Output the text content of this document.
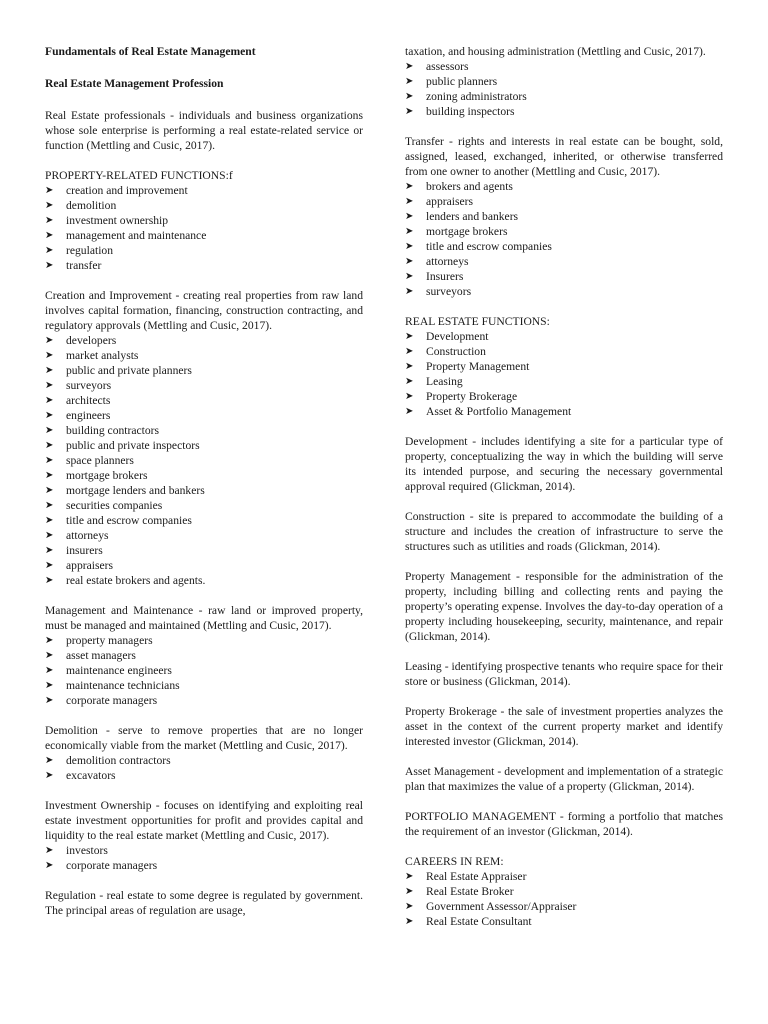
Fundamentals of Real Estate Management

Real Estate Management Profession

Real Estate professionals - individuals and business organizations whose sole enterprise is performing a real estate-related service or function (Mettling and Cusic, 2017).

PROPERTY-RELATED FUNCTIONS:f

➤ creation and improvement
➤ demolition
➤ investment ownership
➤ management and maintenance
➤ regulation
➤ transfer

Creation and Improvement - creating real properties from raw land involves capital formation, financing, construction contracting, and regulatory approvals (Mettling and Cusic, 2017).

➤ developers
➤ market analysts
➤ public and private planners
➤ surveyors
➤ architects
➤ engineers
➤ building contractors
➤ public and private inspectors
➤ space planners
➤ mortgage brokers
➤ mortgage lenders and bankers
➤ securities companies
➤ title and escrow companies
➤ attorneys
➤ insurers
➤ appraisers
➤ real estate brokers and agents.

Management and Maintenance - raw land or improved property, must be managed and maintained (Mettling and Cusic, 2017).

➤ property managers
➤ asset managers
➤ maintenance engineers
➤ maintenance technicians
➤ corporate managers

Demolition - serve to remove properties that are no longer economically viable from the market (Mettling and Cusic, 2017).

➤ demolition contractors
➤ excavators

Investment Ownership - focuses on identifying and exploiting real estate investment opportunities for profit and provides capital and liquidity to the real estate market (Mettling and Cusic, 2017).

➤ investors
➤ corporate managers

Regulation - real estate to some degree is regulated by government. The principal areas of regulation are usage,

taxation, and housing administration (Mettling and Cusic, 2017).

➤ assessors
➤ public planners
➤ zoning administrators
➤ building inspectors

Transfer - rights and interests in real estate can be bought, sold, assigned, leased, exchanged, inherited, or otherwise transferred from one owner to another (Mettling and Cusic, 2017).

➤ brokers and agents
➤ appraisers
➤ lenders and bankers
➤ mortgage brokers
➤ title and escrow companies
➤ attorneys
➤ Insurers
➤ surveyors

REAL ESTATE FUNCTIONS:

➤ Development
➤ Construction
➤ Property Management
➤ Leasing
➤ Property Brokerage
➤ Asset & Portfolio Management

Development - includes identifying a site for a particular type of property, conceptualizing the way in which the building will serve its intended purpose, and securing the necessary governmental approval required (Glickman, 2014).

Construction - site is prepared to accommodate the building of a structure and includes the creation of infrastructure to serve the structures such as utilities and roads (Glickman, 2014).

Property Management - responsible for the administration of the property, including billing and collecting rents and paying the property’s operating expense. Involves the day-to-day operation of a property including housekeeping, security, maintenance, and repair (Glickman, 2014).

Leasing - identifying prospective tenants who require space for their store or business (Glickman, 2014).

Property Brokerage - the sale of investment properties analyzes the asset in the context of the current property market and identify interested investor (Glickman, 2014).

Asset Management - development and implementation of a strategic plan that maximizes the value of a property (Glickman, 2014).

PORTFOLIO MANAGEMENT - forming a portfolio that matches the requirement of an investor (Glickman, 2014).

CAREERS IN REM:

➤ Real Estate Appraiser
➤ Real Estate Broker
➤ Government Assessor/Appraiser
➤ Real Estate Consultant
